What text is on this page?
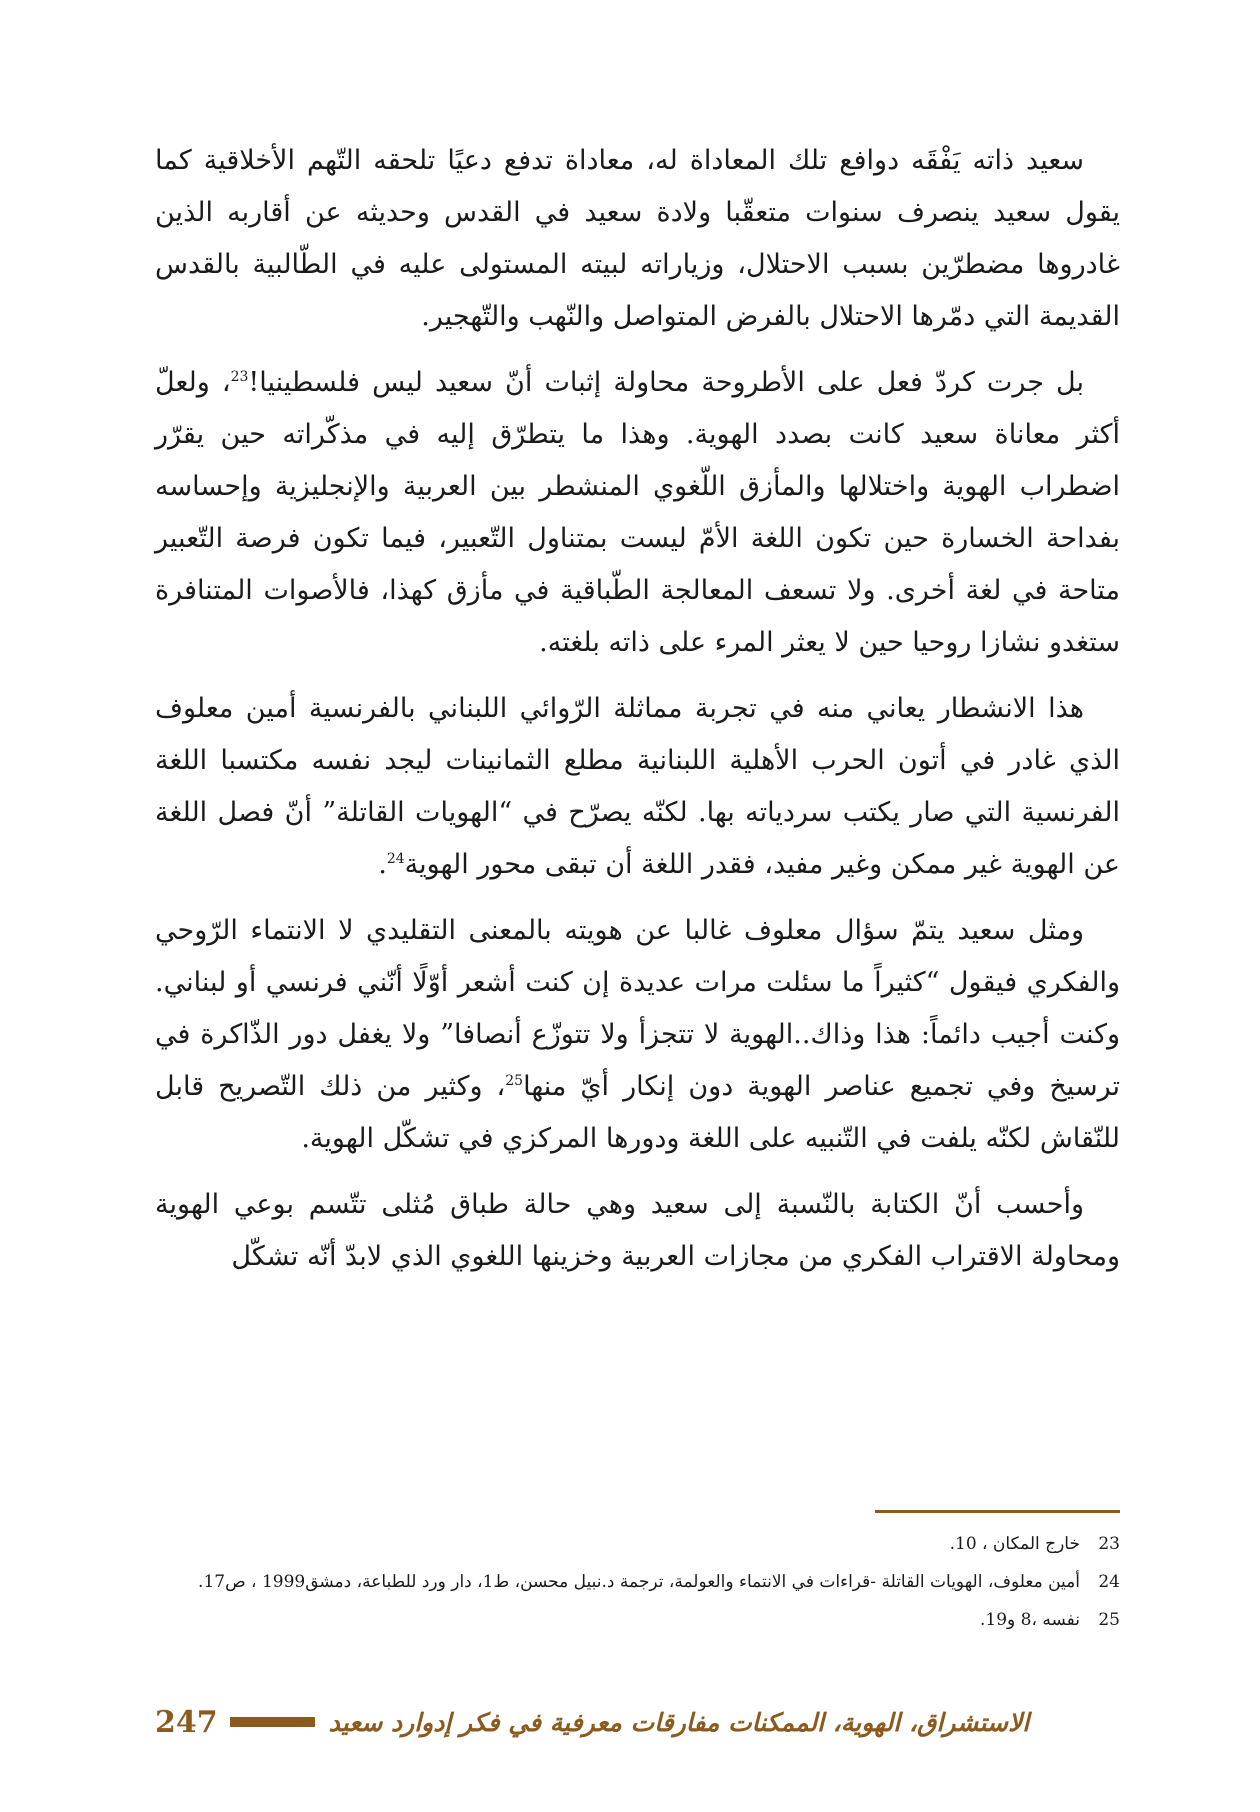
سعيد ذاته يَفْقَه دوافع تلك المعاداة له، معاداة تدفع دعيًا تلحقه التّهم الأخلاقية كما يقول سعيد ينصرف سنوات متعقّبا ولادة سعيد في القدس وحديثه عن أقاربه الذين غادروها مضطرّين بسبب الاحتلال، وزياراته لبيته المستولى عليه في الطّالبية بالقدس القديمة التي دمّرها الاحتلال بالفرض المتواصل والنّهب والتّهجير.

بل جرت كردّ فعل على الأطروحة محاولة إثبات أنّ سعيد ليس فلسطينيا!$^{23}$، ولعلّ أكثر معاناة سعيد كانت بصدد الهوية. وهذا ما يتطرّق إليه في مذكّراته حين يقرّر اضطراب الهوية واختلالها والمأزق اللّغوي المنشطر بين العربية والإنجليزية وإحساسه بفداحة الخسارة حين تكون اللغة الأمّ ليست بمتناول التّعبير، فيما تكون فرصة التّعبير متاحة في لغة أخرى. ولا تسعف المعالجة الطّباقية في مأزق كهذا، فالأصوات المتنافرة ستغدو نشازا روحيا حين لا يعثر المرء على ذاته بلغته.

هذا الانشطار يعاني منه في تجربة مماثلة الرّوائي اللبناني بالفرنسية أمين معلوف الذي غادر في أتون الحرب الأهلية اللبنانية مطلع الثمانينات ليجد نفسه مكتسبا اللغة الفرنسية التي صار يكتب سردياته بها. لكنّه يصرّح في “الهويات القاتلة” أنّ فصل اللغة عن الهوية غير ممكن وغير مفيد، فقدر اللغة أن تبقى محور الهوية$^{24}$.

ومثل سعيد يتمّ سؤال معلوف غالبا عن هويته بالمعنى التقليدي لا الانتماء الرّوحي والفكري فيقول “كثيراً ما سئلت مرات عديدة إن كنت أشعر أوّلًا أنّني فرنسي أو لبناني. وكنت أجيب دائماً: هذا وذاك..الهوية لا تتجزأ ولا تتوزّع أنصافا” ولا يغفل دور الذّاكرة في ترسيخ وفي تجميع عناصر الهوية دون إنكار أيّ منها$^{25}$، وكثير من ذلك التّصريح قابل للنّقاش لكنّه يلفت في التّنبيه على اللغة ودورها المركزي في تشكّل الهوية.

وأحسب أنّ الكتابة بالنّسبة إلى سعيد وهي حالة طباق مُثلى تتّسم بوعي الهوية ومحاولة الاقتراب الفكري من مجازات العربية وخزينها اللغوي الذي لابدّ أنّه تشكّل

23
خارج المكان ، 10.
24
أمين معلوف، الهويات القاتلة -قراءات في الانتماء والعولمة، ترجمة د.نبيل محسن، ط1، دار ورد للطباعة، دمشق1999 ، ص17.
25
نفسه ،8 و19.
247	الاستشراق، الهوية، الممكنات مفارقات معرفية في فكر إدوارد سعيد
